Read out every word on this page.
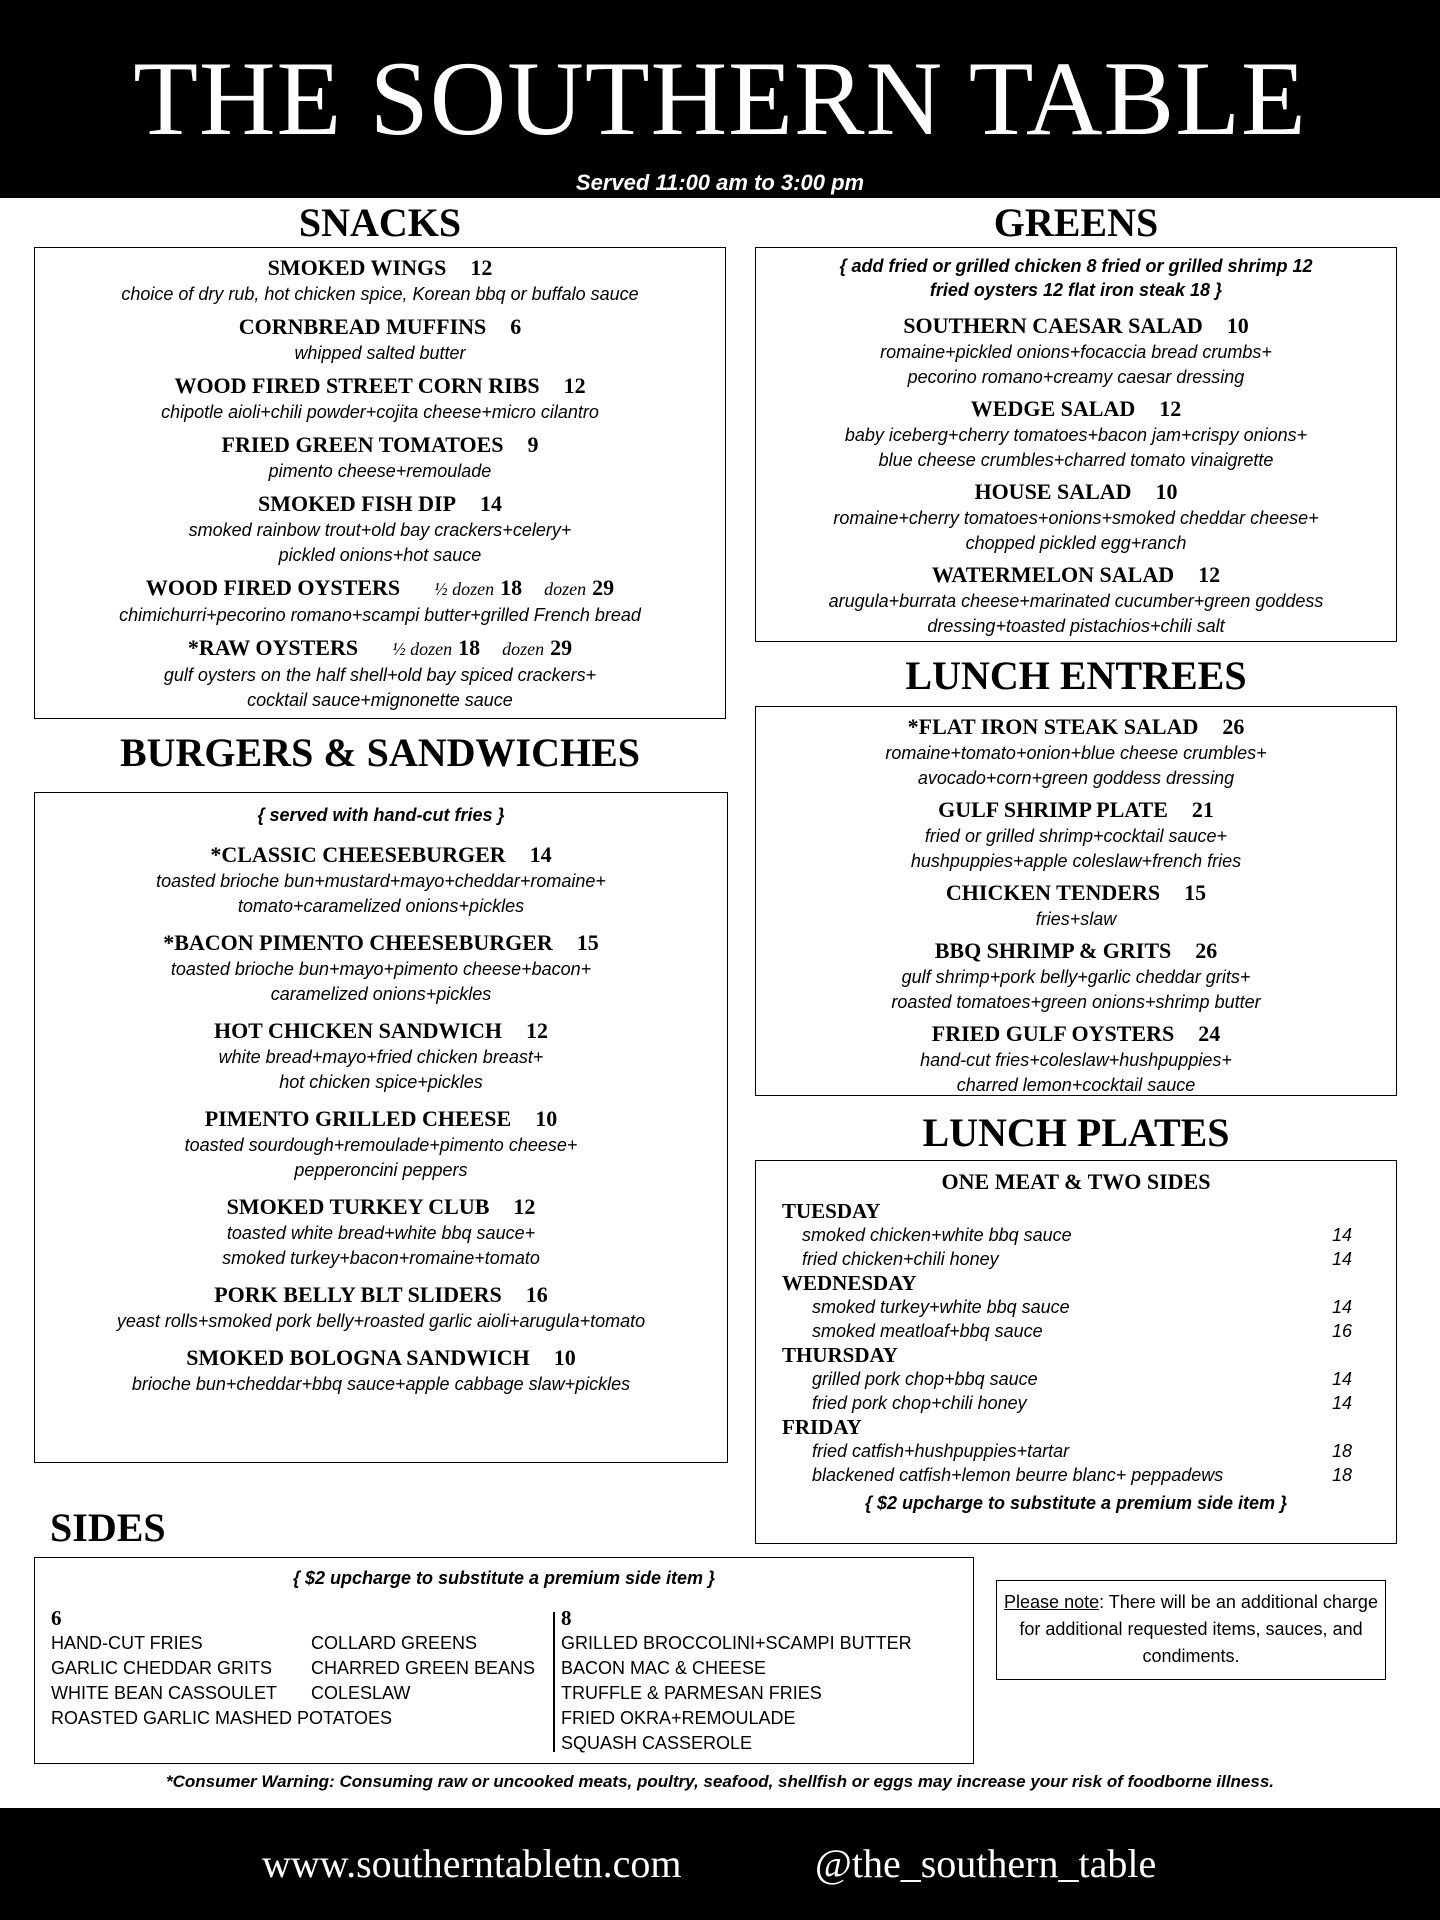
THE SOUTHERN TABLE
Served 11:00 am to 3:00 pm
SNACKS
SMOKED WINGS 12
choice of dry rub, hot chicken spice, Korean bbq or buffalo sauce
CORNBREAD MUFFINS 6
whipped salted butter
WOOD FIRED STREET CORN RIBS 12
chipotle aioli+chili powder+cojita cheese+micro cilantro
FRIED GREEN TOMATOES 9
pimento cheese+remoulade
SMOKED FISH DIP 14
smoked rainbow trout+old bay crackers+celery+
pickled onions+hot sauce
WOOD FIRED OYSTERS ½ dozen 18 dozen 29
chimichurri+pecorino romano+scampi butter+grilled French bread
*RAW OYSTERS ½ dozen 18 dozen 29
gulf oysters on the half shell+old bay spiced crackers+
cocktail sauce+mignonette sauce
BURGERS & SANDWICHES
{ served with hand-cut fries }
*CLASSIC CHEESEBURGER 14
toasted brioche bun+mustard+mayo+cheddar+romaine+
tomato+caramelized onions+pickles
*BACON PIMENTO CHEESEBURGER 15
toasted brioche bun+mayo+pimento cheese+bacon+
caramelized onions+pickles
HOT CHICKEN SANDWICH 12
white bread+mayo+fried chicken breast+
hot chicken spice+pickles
PIMENTO GRILLED CHEESE 10
toasted sourdough+remoulade+pimento cheese+
pepperoncini peppers
SMOKED TURKEY CLUB 12
toasted white bread+white bbq sauce+
smoked turkey+bacon+romaine+tomato
PORK BELLY BLT SLIDERS 16
yeast rolls+smoked pork belly+roasted garlic aioli+arugula+tomato
SMOKED BOLOGNA SANDWICH 10
brioche bun+cheddar+bbq sauce+apple cabbage slaw+pickles
GREENS
{ add fried or grilled chicken 8 fried or grilled shrimp 12
fried oysters 12 flat iron steak 18 }
SOUTHERN CAESAR SALAD 10
romaine+pickled onions+focaccia bread crumbs+
pecorino romano+creamy caesar dressing
WEDGE SALAD 12
baby iceberg+cherry tomatoes+bacon jam+crispy onions+
blue cheese crumbles+charred tomato vinaigrette
HOUSE SALAD 10
romaine+cherry tomatoes+onions+smoked cheddar cheese+
chopped pickled egg+ranch
WATERMELON SALAD 12
arugula+burrata cheese+marinated cucumber+green goddess
dressing+toasted pistachios+chili salt
LUNCH ENTREES
*FLAT IRON STEAK SALAD 26
romaine+tomato+onion+blue cheese crumbles+
avocado+corn+green goddess dressing
GULF SHRIMP PLATE 21
fried or grilled shrimp+cocktail sauce+
hushpuppies+apple coleslaw+french fries
CHICKEN TENDERS 15
fries+slaw
BBQ SHRIMP & GRITS 26
gulf shrimp+pork belly+garlic cheddar grits+
roasted tomatoes+green onions+shrimp butter
FRIED GULF OYSTERS 24
hand-cut fries+coleslaw+hushpuppies+
charred lemon+cocktail sauce
LUNCH PLATES
ONE MEAT & TWO SIDES
TUESDAY
smoked chicken+white bbq sauce	14
fried chicken+chili honey	14
WEDNESDAY
smoked turkey+white bbq sauce	14
smoked meatloaf+bbq sauce	16
THURSDAY
grilled pork chop+bbq sauce	14
fried pork chop+chili honey	14
FRIDAY
fried catfish+hushpuppies+tartar	18
blackened catfish+lemon beurre blanc+ peppadews	18
{ $2 upcharge to substitute a premium side item }
SIDES
{ $2 upcharge to substitute a premium side item }
6
HAND-CUT FRIES
GARLIC CHEDDAR GRITS
WHITE BEAN CASSOULET
ROASTED GARLIC MASHED POTATOES
COLLARD GREENS
CHARRED GREEN BEANS
COLESLAW
8
GRILLED BROCCOLINI+SCAMPI BUTTER
BACON MAC & CHEESE
TRUFFLE & PARMESAN FRIES
FRIED OKRA+REMOULADE
SQUASH CASSEROLE
Please note: There will be an additional charge for additional requested items, sauces, and condiments.
*Consumer Warning: Consuming raw or uncooked meats, poultry, seafood, shellfish or eggs may increase your risk of foodborne illness.
www.southerntabletn.com	@the_southern_table
